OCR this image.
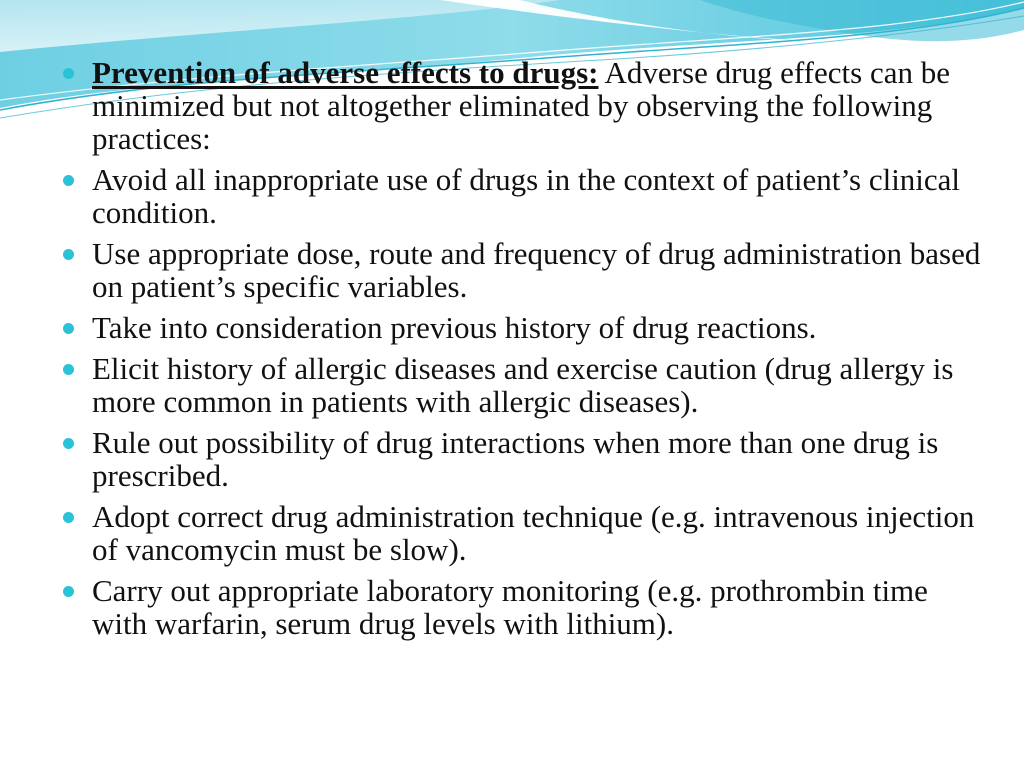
Prevention of adverse effects to drugs: Adverse drug effects can be minimized but not altogether eliminated by observing the following practices:
Avoid all inappropriate use of drugs in the context of patient’s clinical condition.
Use appropriate dose, route and frequency of drug administration based on patient’s specific variables.
Take into consideration previous history of drug reactions.
Elicit history of allergic diseases and exercise caution (drug allergy is more common in patients with allergic diseases).
Rule out possibility of drug interactions when more than one drug is prescribed.
Adopt correct drug administration technique (e.g. intravenous injection of vancomycin must be slow).
Carry out appropriate laboratory monitoring (e.g. prothrombin time with warfarin, serum drug levels with lithium).
